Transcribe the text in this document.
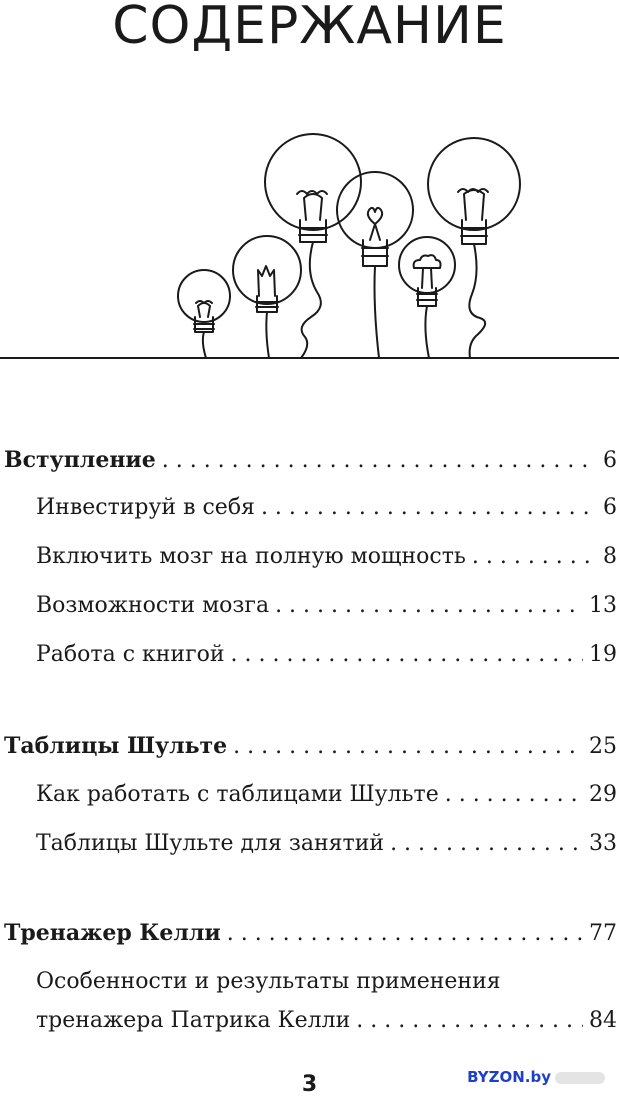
СОДЕРЖАНИЕ
Вступление . . .	6
Инвестируй в себя . . .	6
Включить мозг на полную мощность . . .	8
Возможности мозга . . .	13
Работа с книгой . . .	19
Таблицы Шульте . . .	25
Как работать с таблицами Шульте . . .	29
Таблицы Шульте для занятий . . .	33
Тренажер Келли . . .	77
Особенности и результаты применения
тренажера Патрика Келли . . .	84
3	BYZON.by
